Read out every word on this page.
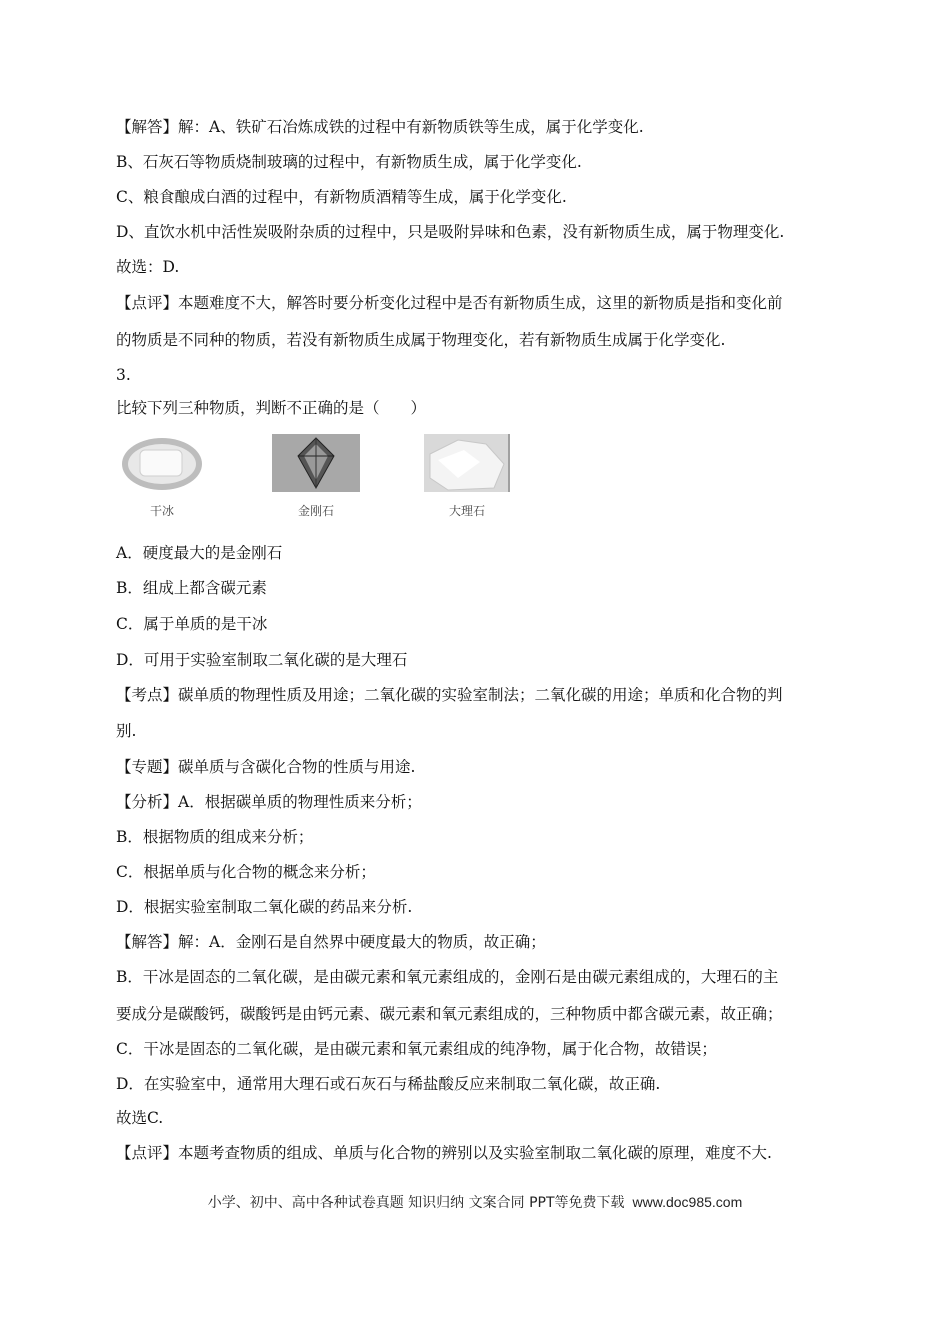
【解答】解：A、铁矿石冶炼成铁的过程中有新物质铁等生成，属于化学变化.
B、石灰石等物质烧制玻璃的过程中，有新物质生成，属于化学变化.
C、粮食酿成白酒的过程中，有新物质酒精等生成，属于化学变化.
D、直饮水机中活性炭吸附杂质的过程中，只是吸附异味和色素，没有新物质生成，属于物理变化.
故选：D.
【点评】本题难度不大，解答时要分析变化过程中是否有新物质生成，这里的新物质是指和变化前
的物质是不同种的物质，若没有新物质生成属于物理变化，若有新物质生成属于化学变化.
3.
比较下列三种物质，判断不正确的是（　　）
干冰	金刚石	大理石
A．硬度最大的是金刚石
B．组成上都含碳元素
C．属于单质的是干冰
D．可用于实验室制取二氧化碳的是大理石
【考点】碳单质的物理性质及用途；二氧化碳的实验室制法；二氧化碳的用途；单质和化合物的判
别.
【专题】碳单质与含碳化合物的性质与用途.
【分析】A．根据碳单质的物理性质来分析；
B．根据物质的组成来分析；
C．根据单质与化合物的概念来分析；
D．根据实验室制取二氧化碳的药品来分析.
【解答】解：A．金刚石是自然界中硬度最大的物质，故正确；
B．干冰是固态的二氧化碳，是由碳元素和氧元素组成的，金刚石是由碳元素组成的，大理石的主
要成分是碳酸钙，碳酸钙是由钙元素、碳元素和氧元素组成的，三种物质中都含碳元素，故正确；
C．干冰是固态的二氧化碳，是由碳元素和氧元素组成的纯净物，属于化合物，故错误；
D．在实验室中，通常用大理石或石灰石与稀盐酸反应来制取二氧化碳，故正确.
故选C.
【点评】本题考查物质的组成、单质与化合物的辨别以及实验室制取二氧化碳的原理，难度不大.
小学、初中、高中各种试卷真题 知识归纳 文案合同 PPT等免费下载 www.doc985.com
